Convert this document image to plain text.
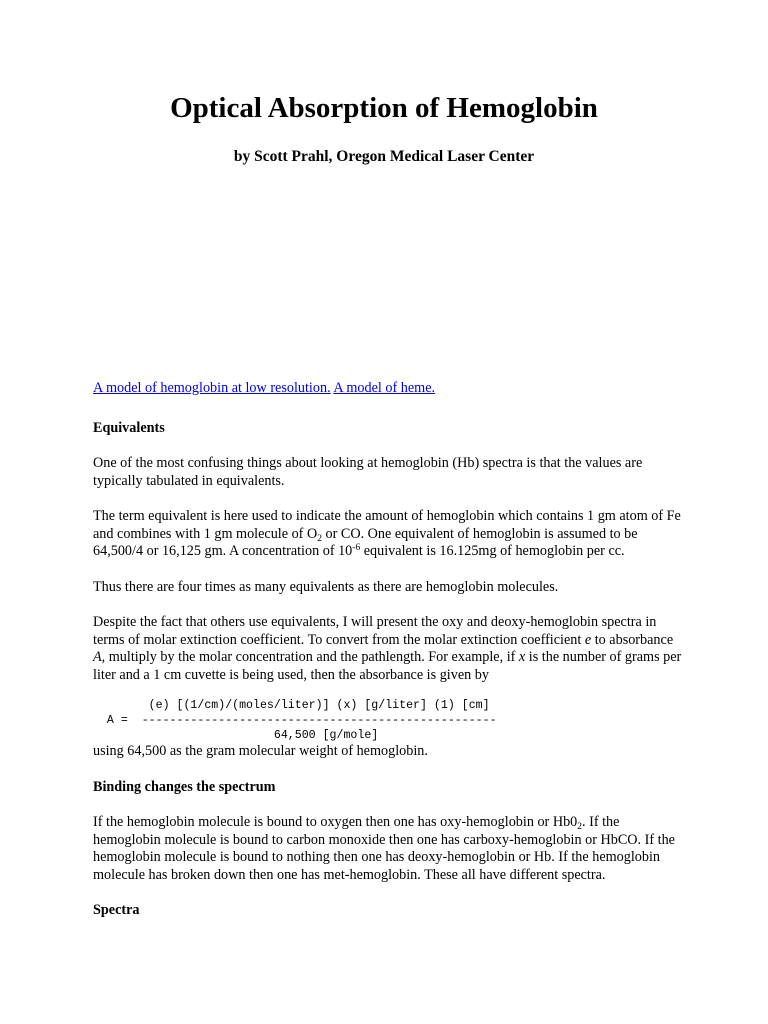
Optical Absorption of Hemoglobin
by Scott Prahl, Oregon Medical Laser Center

A model of hemoglobin at low resolution. A model of heme.

Equivalents

One of the most confusing things about looking at hemoglobin (Hb) spectra is that the values are typically tabulated in equivalents.

The term equivalent is here used to indicate the amount of hemoglobin which contains 1 gm atom of Fe and combines with 1 gm molecule of $O_2$ or CO. One equivalent of hemoglobin is assumed to be 64,500/4 or 16,125 gm. A concentration of $10^{-6}$ equivalent is 16.125mg of hemoglobin per cc.

Thus there are four times as many equivalents as there are hemoglobin molecules.

Despite the fact that others use equivalents, I will present the oxy and deoxy-hemoglobin spectra in terms of molar extinction coefficient. To convert from the molar extinction coefficient e to absorbance A, multiply by the molar concentration and the pathlength. For example, if x is the number of grams per liter and a 1 cm cuvette is being used, then the absorbance is given by

(e) [(1/cm)/(moles/liter)] (x) [g/liter] (1) [cm]
A =  ---------------------------------------------------
64,500 [g/mole]

using 64,500 as the gram molecular weight of hemoglobin.

Binding changes the spectrum

If the hemoglobin molecule is bound to oxygen then one has oxy-hemoglobin or $Hb0_2$. If the hemoglobin molecule is bound to carbon monoxide then one has carboxy-hemoglobin or HbCO. If the hemoglobin molecule is bound to nothing then one has deoxy-hemoglobin or Hb. If the hemoglobin molecule has broken down then one has met-hemoglobin. These all have different spectra.

Spectra
